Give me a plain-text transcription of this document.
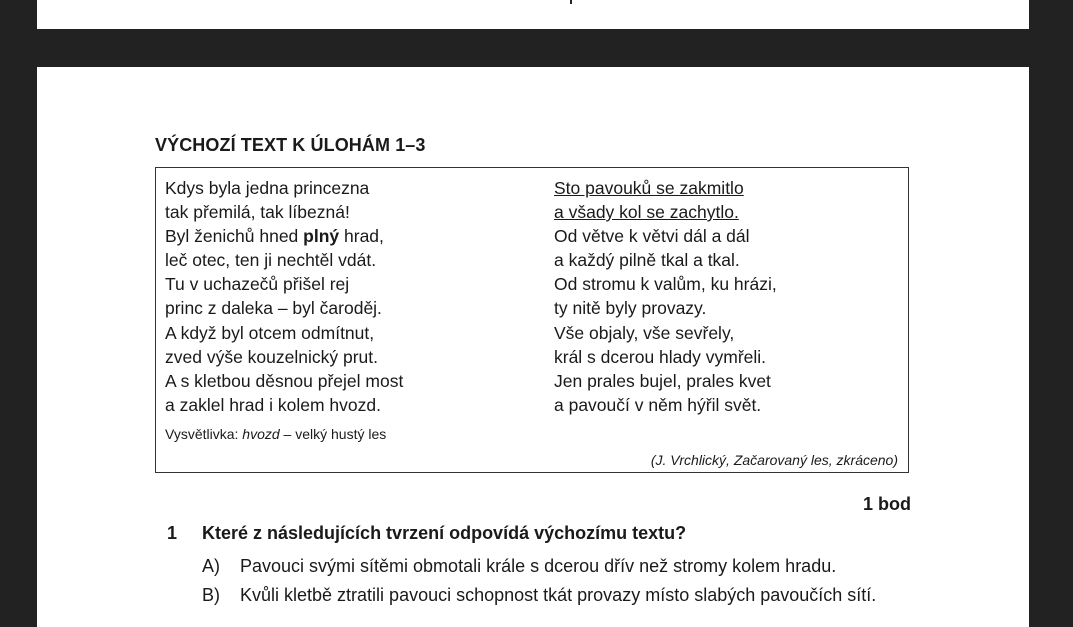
VÝCHOZÍ TEXT K ÚLOHÁM 1–3
Kdys byla jedna princezna
tak přemilá, tak líbezná!
Byl ženichů hned plný hrad,
leč otec, ten ji nechtěl vdát.
Tu v uchazečů přišel rej
princ z daleka – byl čaroděj.
A když byl otcem odmítnut,
zved výše kouzelnický prut.
A s kletbou děsnou přejel most
a zaklel hrad i kolem hvozd.
Sto pavouků se zakmitlo
a všady kol se zachytlo.
Od větve k větvi dál a dál
a každý pilně tkal a tkal.
Od stromu k valům, ku hrázi,
ty nitě byly provazy.
Vše objaly, vše sevřely,
král s dcerou hlady vymřeli.
Jen prales bujel, prales kvet
a pavoučí v něm hýřil svět.
Vysvětlivka: hvozd – velký hustý les
(J. Vrchlický, Začarovaný les, zkráceno)
1 bod
1 Které z následujících tvrzení odpovídá výchozímu textu?
A) Pavouci svými sítěmi obmotali krále s dcerou dřív než stromy kolem hradu.
B) Kvůli kletbě ztratili pavouci schopnost tkát provazy místo slabých pavoučích sítí.
